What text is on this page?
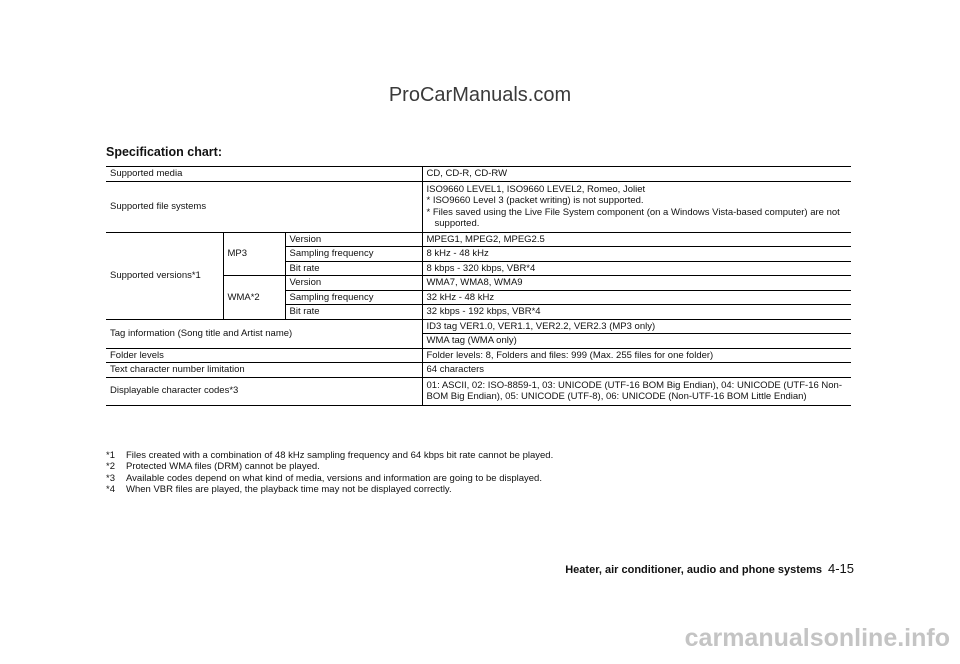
ProCarManuals.com
Specification chart:
Supported media			CD, CD-R, CD-RW
Supported file systems			ISO9660 LEVEL1, ISO9660 LEVEL2, Romeo, Joliet
* ISO9660 Level 3 (packet writing) is not supported.
* Files saved using the Live File System component (on a Windows Vista-based computer) are not supported.

Supported versions*1	MP3	Version	MPEG1, MPEG2, MPEG2.5
		Sampling frequency	8 kHz - 48 kHz
		Bit rate	8 kbps - 320 kbps, VBR*4
	WMA*2	Version	WMA7, WMA8, WMA9
		Sampling frequency	32 kHz - 48 kHz
		Bit rate	32 kbps - 192 kbps, VBR*4
Tag information (Song title and Artist name)			ID3 tag VER1.0, VER1.1, VER2.2, VER2.3 (MP3 only)
			WMA tag (WMA only)
Folder levels			Folder levels: 8, Folders and files: 999 (Max. 255 files for one folder)
Text character number limitation			64 characters
Displayable character codes*3			01: ASCII, 02: ISO-8859-1, 03: UNICODE (UTF-16 BOM Big Endian), 04: UNICODE (UTF-16 Non-BOM Big Endian), 05: UNICODE (UTF-8), 06: UNICODE (Non-UTF-16 BOM Little Endian)
*1 Files created with a combination of 48 kHz sampling frequency and 64 kbps bit rate cannot be played.
*2 Protected WMA files (DRM) cannot be played.
*3 Available codes depend on what kind of media, versions and information are going to be displayed.
*4 When VBR files are played, the playback time may not be displayed correctly.
Heater, air conditioner, audio and phone systems 4-15
carmanualsonline.info
